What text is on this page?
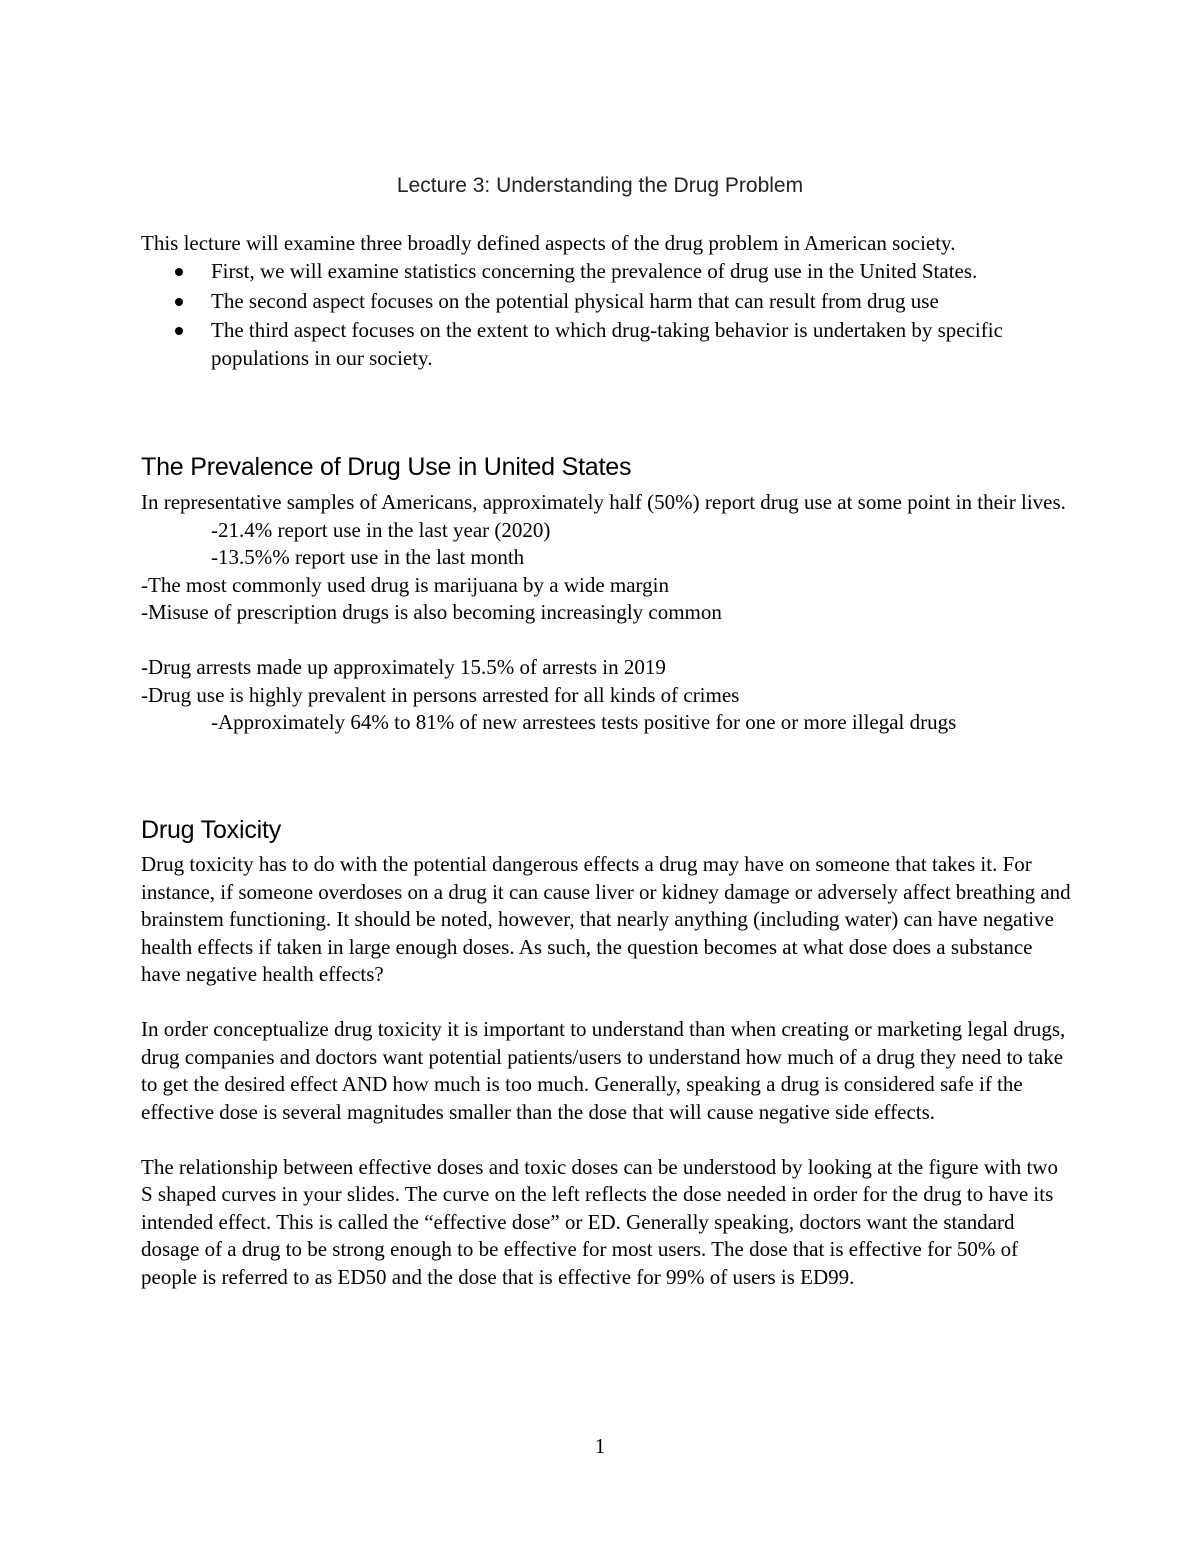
Lecture 3: Understanding the Drug Problem

This lecture will examine three broadly defined aspects of the drug problem in American society.

First, we will examine statistics concerning the prevalence of drug use in the United States.
The second aspect focuses on the potential physical harm that can result from drug use
The third aspect focuses on the extent to which drug-taking behavior is undertaken by specific populations in our society.
The Prevalence of Drug Use in United States

In representative samples of Americans, approximately half (50%) report drug use at some point in their lives.

-21.4% report use in the last year (2020)

-13.5%% report use in the last month

-The most commonly used drug is marijuana by a wide margin

-Misuse of prescription drugs is also becoming increasingly common

-Drug arrests made up approximately 15.5% of arrests in 2019

-Drug use is highly prevalent in persons arrested for all kinds of crimes

-Approximately 64% to 81% of new arrestees tests positive for one or more illegal drugs

Drug Toxicity

Drug toxicity has to do with the potential dangerous effects a drug may have on someone that takes it. For instance, if someone overdoses on a drug it can cause liver or kidney damage or adversely affect breathing and brainstem functioning. It should be noted, however, that nearly anything (including water) can have negative health effects if taken in large enough doses. As such, the question becomes at what dose does a substance have negative health effects?

In order conceptualize drug toxicity it is important to understand than when creating or marketing legal drugs, drug companies and doctors want potential patients/users to understand how much of a drug they need to take to get the desired effect AND how much is too much. Generally, speaking a drug is considered safe if the effective dose is several magnitudes smaller than the dose that will cause negative side effects.

The relationship between effective doses and toxic doses can be understood by looking at the figure with two S shaped curves in your slides. The curve on the left reflects the dose needed in order for the drug to have its intended effect. This is called the “effective dose” or ED. Generally speaking, doctors want the standard dosage of a drug to be strong enough to be effective for most users. The dose that is effective for 50% of people is referred to as ED50 and the dose that is effective for 99% of users is ED99.

1
